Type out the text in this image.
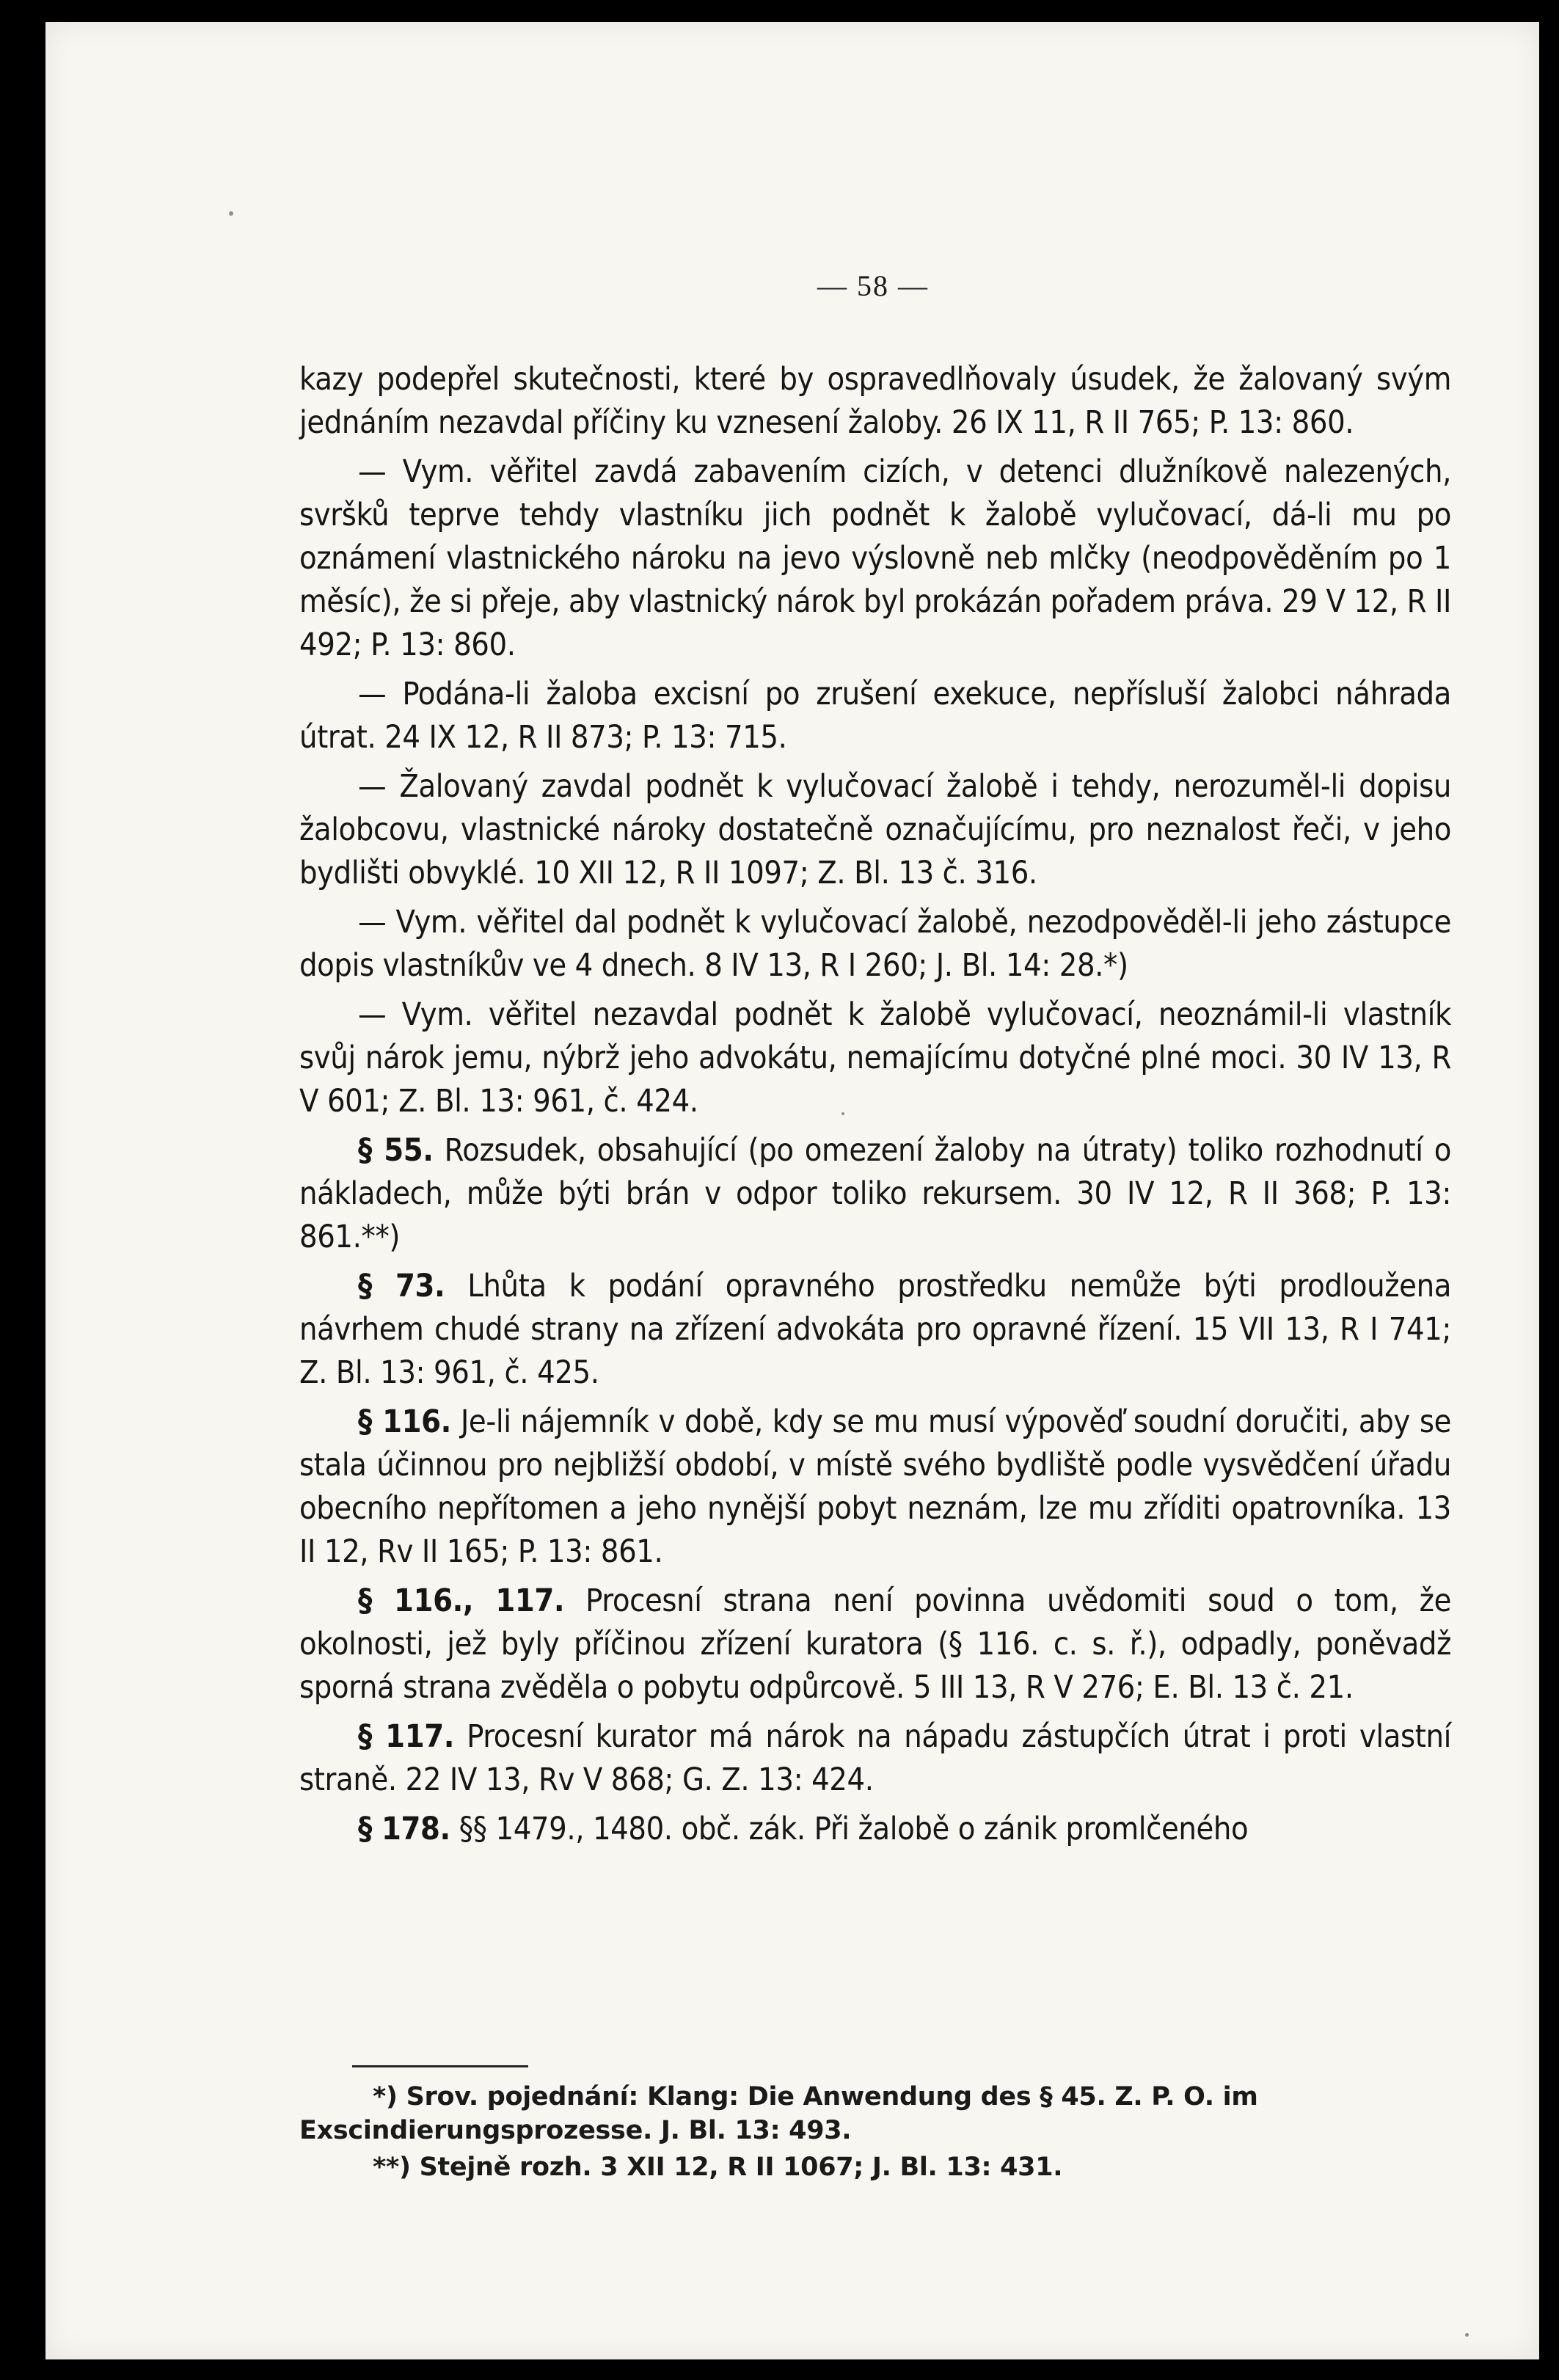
— 58 —

kazy podepřel skutečnosti, které by ospravedlňovaly úsudek, že žalovaný svým jednáním nezavdal příčiny ku vznesení žaloby. 26 IX 11, R II 765; P. 13: 860.

— Vym. věřitel zavdá zabavením cizích, v detenci dlužníkově nalezených, svršků teprve tehdy vlastníku jich podnět k žalobě vylučovací, dá-li mu po oznámení vlastnického nároku na jevo výslovně neb mlčky (neodpověděním po 1 měsíc), že si přeje, aby vlastnický nárok byl prokázán pořadem práva. 29 V 12, R II 492; P. 13: 860.

— Podána-li žaloba excisní po zrušení exekuce, nepřísluší žalobci náhrada útrat. 24 IX 12, R II 873; P. 13: 715.

— Žalovaný zavdal podnět k vylučovací žalobě i tehdy, nerozuměl-li dopisu žalobcovu, vlastnické nároky dostatečně označujícímu, pro neznalost řeči, v jeho bydlišti obvyklé. 10 XII 12, R II 1097; Z. Bl. 13 č. 316.

— Vym. věřitel dal podnět k vylučovací žalobě, nezodpověděl-li jeho zástupce dopis vlastníkův ve 4 dnech. 8 IV 13, R I 260; J. Bl. 14: 28.*)

— Vym. věřitel nezavdal podnět k žalobě vylučovací, neoznámil-li vlastník svůj nárok jemu, nýbrž jeho advokátu, nemajícímu dotyčné plné moci. 30 IV 13, R V 601; Z. Bl. 13: 961, č. 424.

§ 55. Rozsudek, obsahující (po omezení žaloby na útraty) toliko rozhodnutí o nákladech, může býti brán v odpor toliko rekursem. 30 IV 12, R II 368; P. 13: 861.**)

§ 73. Lhůta k podání opravného prostředku nemůže býti prodloužena návrhem chudé strany na zřízení advokáta pro opravné řízení. 15 VII 13, R I 741; Z. Bl. 13: 961, č. 425.

§ 116. Je-li nájemník v době, kdy se mu musí výpověď soudní doručiti, aby se stala účinnou pro nejbližší období, v místě svého bydliště podle vysvědčení úřadu obecního nepřítomen a jeho nynější pobyt neznám, lze mu zříditi opatrovníka. 13 II 12, Rv II 165; P. 13: 861.

§ 116., 117. Procesní strana není povinna uvědomiti soud o tom, že okolnosti, jež byly příčinou zřízení kuratora (§ 116. c. s. ř.), odpadly, poněvadž sporná strana zvěděla o pobytu odpůrcově. 5 III 13, R V 276; E. Bl. 13 č. 21.

§ 117. Procesní kurator má nárok na nápadu zástupčích útrat i proti vlastní straně. 22 IV 13, Rv V 868; G. Z. 13: 424.

§ 178. §§ 1479., 1480. obč. zák. Při žalobě o zánik promlčeného

*) Srov. pojednání: Klang: Die Anwendung des § 45. Z. P. O. im Exscindierungsprozesse. J. Bl. 13: 493.

**) Stejně rozh. 3 XII 12, R II 1067; J. Bl. 13: 431.
